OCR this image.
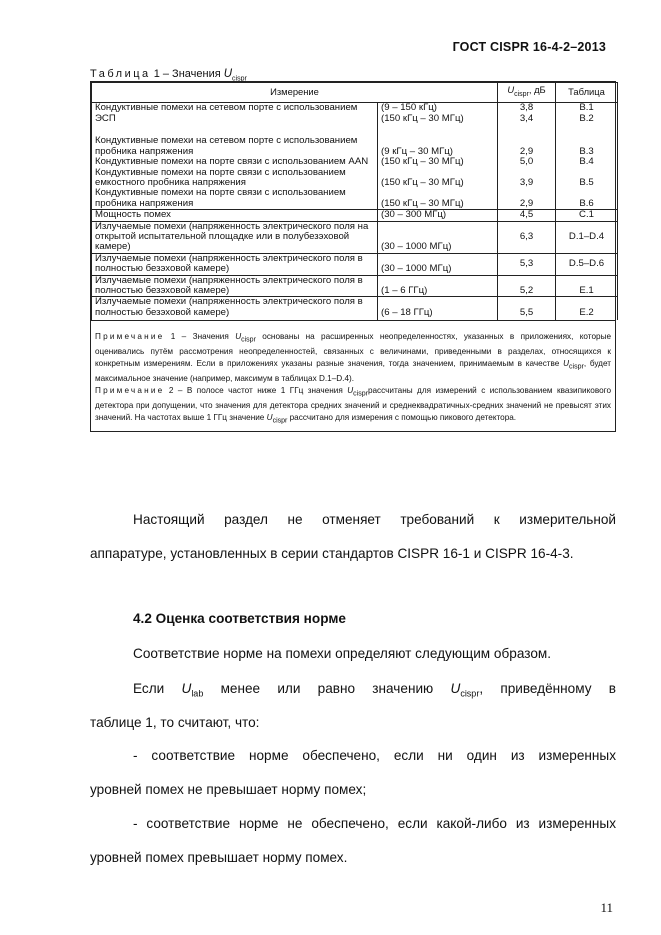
ГОСТ CISPR 16-4-2–2013
Таблица 1 – Значения $U_{cispr}$
Измерение		$U_{cispr}$, дБ	Таблица
Кондуктивные помехи на сетевом порте с использованием ЭСП	(9 – 150 кГц)	3,8	B.1
	(150 кГц – 30 МГц)	3,4	B.2
Кондуктивные помехи на сетевом порте с использованием пробника напряжения	(9 кГц – 30 МГц)	2,9	B.3
Кондуктивные помехи на порте связи с использованием AAN	(150 кГц – 30 МГц)	5,0	B.4
Кондуктивные помехи на порте связи с использованием емкостного пробника напряжения	(150 кГц – 30 МГц)	3,9	B.5
Кондуктивные помехи на порте связи с использованием пробника напряжения	(150 кГц – 30 МГц)	2,9	B.6
Мощность помех	(30 – 300 МГц)	4,5	C.1
Излучаемые помехи (напряженность электрического поля на открытой испытательной площадке или в полубезэховой камере)	(30 – 1000 МГц)	6,3	D.1–D.4
Излучаемые помехи (напряженность электрического поля в полностью безэховой камере)	(30 – 1000 МГц)	5,3	D.5–D.6
Излучаемые помехи (напряженность электрического поля в полностью безэховой камере)	(1 – 6 ГГц)	5,2	E.1
Излучаемые помехи (напряженность электрического поля в полностью безэховой камере)	(6 – 18 ГГц)	5,5	E.2
Примечание 1 – Значения $U_{cispr}$ основаны на расширенных неопределенностях, указанных в приложениях, которые оценивались путём рассмотрения неопределенностей, связанных с величинами, приведенными в разделах, относящихся к конкретным измерениям. Если в приложениях указаны разные значения, тогда значением, принимаемым в качестве $U_{cispr}$, будет максимальное значение (например, максимум в таблицах D.1–D.4).
Примечание 2 – В полосе частот ниже 1 ГГц значения $U_{cispr}рассчитаны$ для измерений с использованием квазипикового детектора при допущении, что значения для детектора средних значений и среднеквадратичных-средних значений не превысят этих значений. На частотах выше 1 ГГц значение $U_{cispr}$ рассчитано для измерения с помощью пикового детектора.
Настоящий раздел не отменяет требований к измерительной
аппаратуре, установленных в серии стандартов CISPR 16-1 и CISPR 16-4-3.
4.2 Оценка соответствия норме
Соответствие норме на помехи определяют следующим образом.
Если $U_{lab}$ менее или равно значению $U_{cispr}$, приведённому в
таблице 1, то считают, что:
- соответствие норме обеспечено, если ни один из измеренных
уровней помех не превышает норму помех;
- соответствие норме не обеспечено, если какой-либо из измеренных
уровней помех превышает норму помех.
11
